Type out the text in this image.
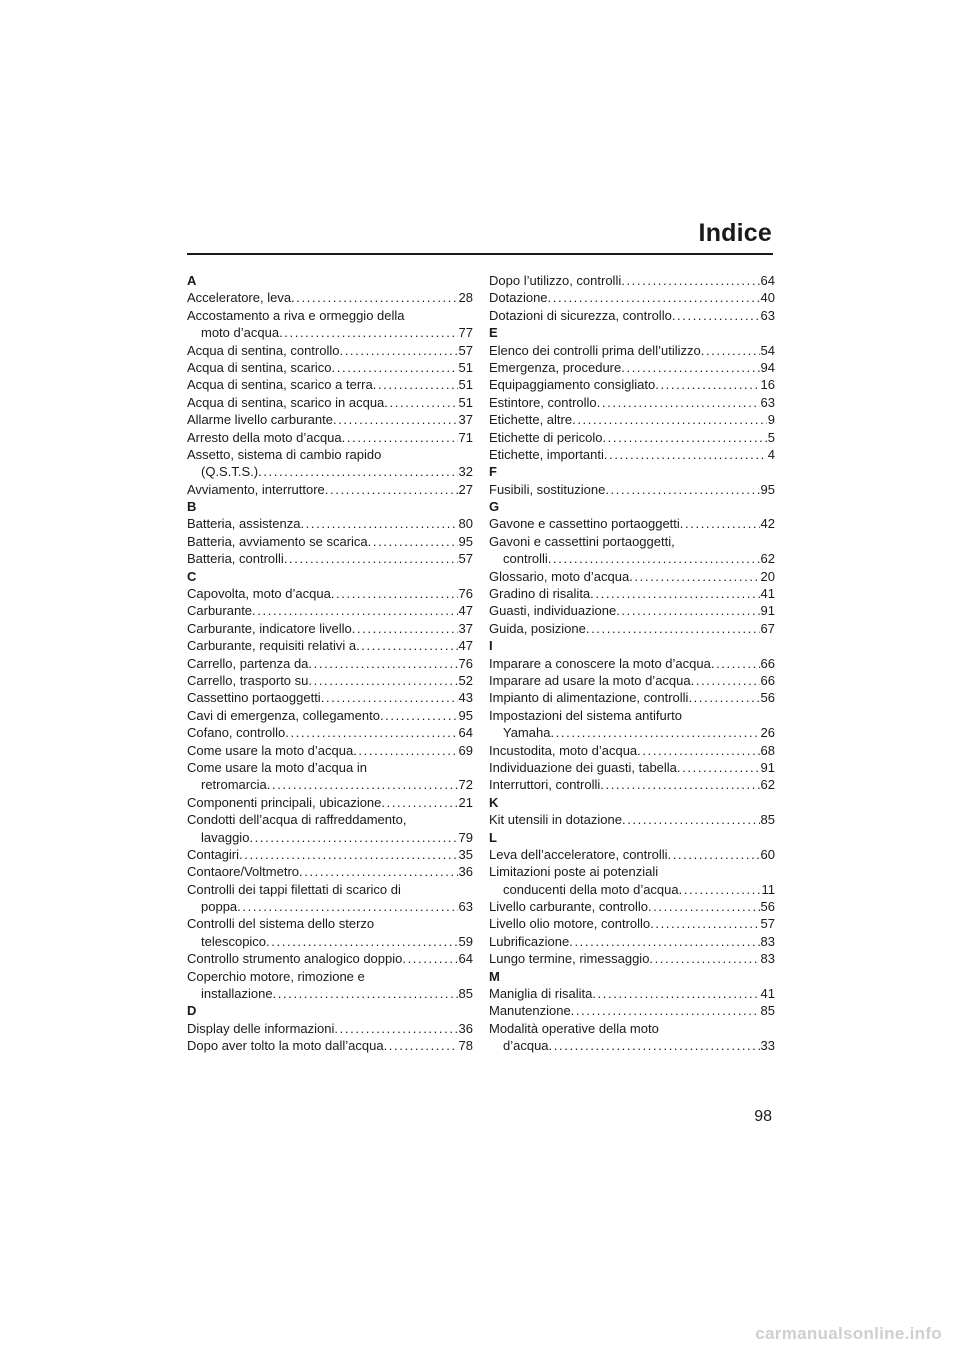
Indice
A
Acceleratore, leva . . .	28
Accostamento a riva e ormeggio della
moto d’acqua . . .	77
Acqua di sentina, controllo . . .	57
Acqua di sentina, scarico . . .	51
Acqua di sentina, scarico a terra . . .	51
Acqua di sentina, scarico in acqua . . .	51
Allarme livello carburante . . .	37
Arresto della moto d’acqua . . .	71
Assetto, sistema di cambio rapido
(Q.S.T.S.) . . .	32
Avviamento, interruttore . . .	27
B
Batteria, assistenza . . .	80
Batteria, avviamento se scarica . . .	95
Batteria, controlli . . .	57
C
Capovolta, moto d’acqua . . .	76
Carburante . . .	47
Carburante, indicatore livello . . .	37
Carburante, requisiti relativi a . . .	47
Carrello, partenza da . . .	76
Carrello, trasporto su . . .	52
Cassettino portaoggetti . . .	43
Cavi di emergenza, collegamento . . .	95
Cofano, controllo . . .	64
Come usare la moto d’acqua . . .	69
Come usare la moto d’acqua in
retromarcia . . .	72
Componenti principali, ubicazione . . .	21
Condotti dell’acqua di raffreddamento,
lavaggio . . .	79
Contagiri . . .	35
Contaore/Voltmetro . . .	36
Controlli dei tappi filettati di scarico di
poppa . . .	63
Controlli del sistema dello sterzo
telescopico . . .	59
Controllo strumento analogico doppio . . .	64
Coperchio motore, rimozione e
installazione . . .	85
D
Display delle informazioni . . .	36
Dopo aver tolto la moto dall’acqua . . .	78
Dopo l’utilizzo, controlli . . .	64
Dotazione . . .	40
Dotazioni di sicurezza, controllo . . .	63
E
Elenco dei controlli prima dell’utilizzo . . .	54
Emergenza, procedure . . .	94
Equipaggiamento consigliato . . .	16
Estintore, controllo . . .	63
Etichette, altre . . .	9
Etichette di pericolo . . .	5
Etichette, importanti . . .	4
F
Fusibili, sostituzione . . .	95
G
Gavone e cassettino portaoggetti . . .	42
Gavoni e cassettini portaoggetti,
controlli . . .	62
Glossario, moto d’acqua . . .	20
Gradino di risalita . . .	41
Guasti, individuazione . . .	91
Guida, posizione . . .	67
I
Imparare a conoscere la moto d’acqua . . .	66
Imparare ad usare la moto d’acqua . . .	66
Impianto di alimentazione, controlli . . .	56
Impostazioni del sistema antifurto
Yamaha . . .	26
Incustodita, moto d’acqua . . .	68
Individuazione dei guasti, tabella . . .	91
Interruttori, controlli . . .	62
K
Kit utensili in dotazione . . .	85
L
Leva dell’acceleratore, controlli . . .	60
Limitazioni poste ai potenziali
conducenti della moto d’acqua . . .	11
Livello carburante, controllo . . .	56
Livello olio motore, controllo . . .	57
Lubrificazione . . .	83
Lungo termine, rimessaggio . . .	83
M
Maniglia di risalita . . .	41
Manutenzione . . .	85
Modalità operative della moto
d’acqua . . .	33
98
carmanualsonline.info
